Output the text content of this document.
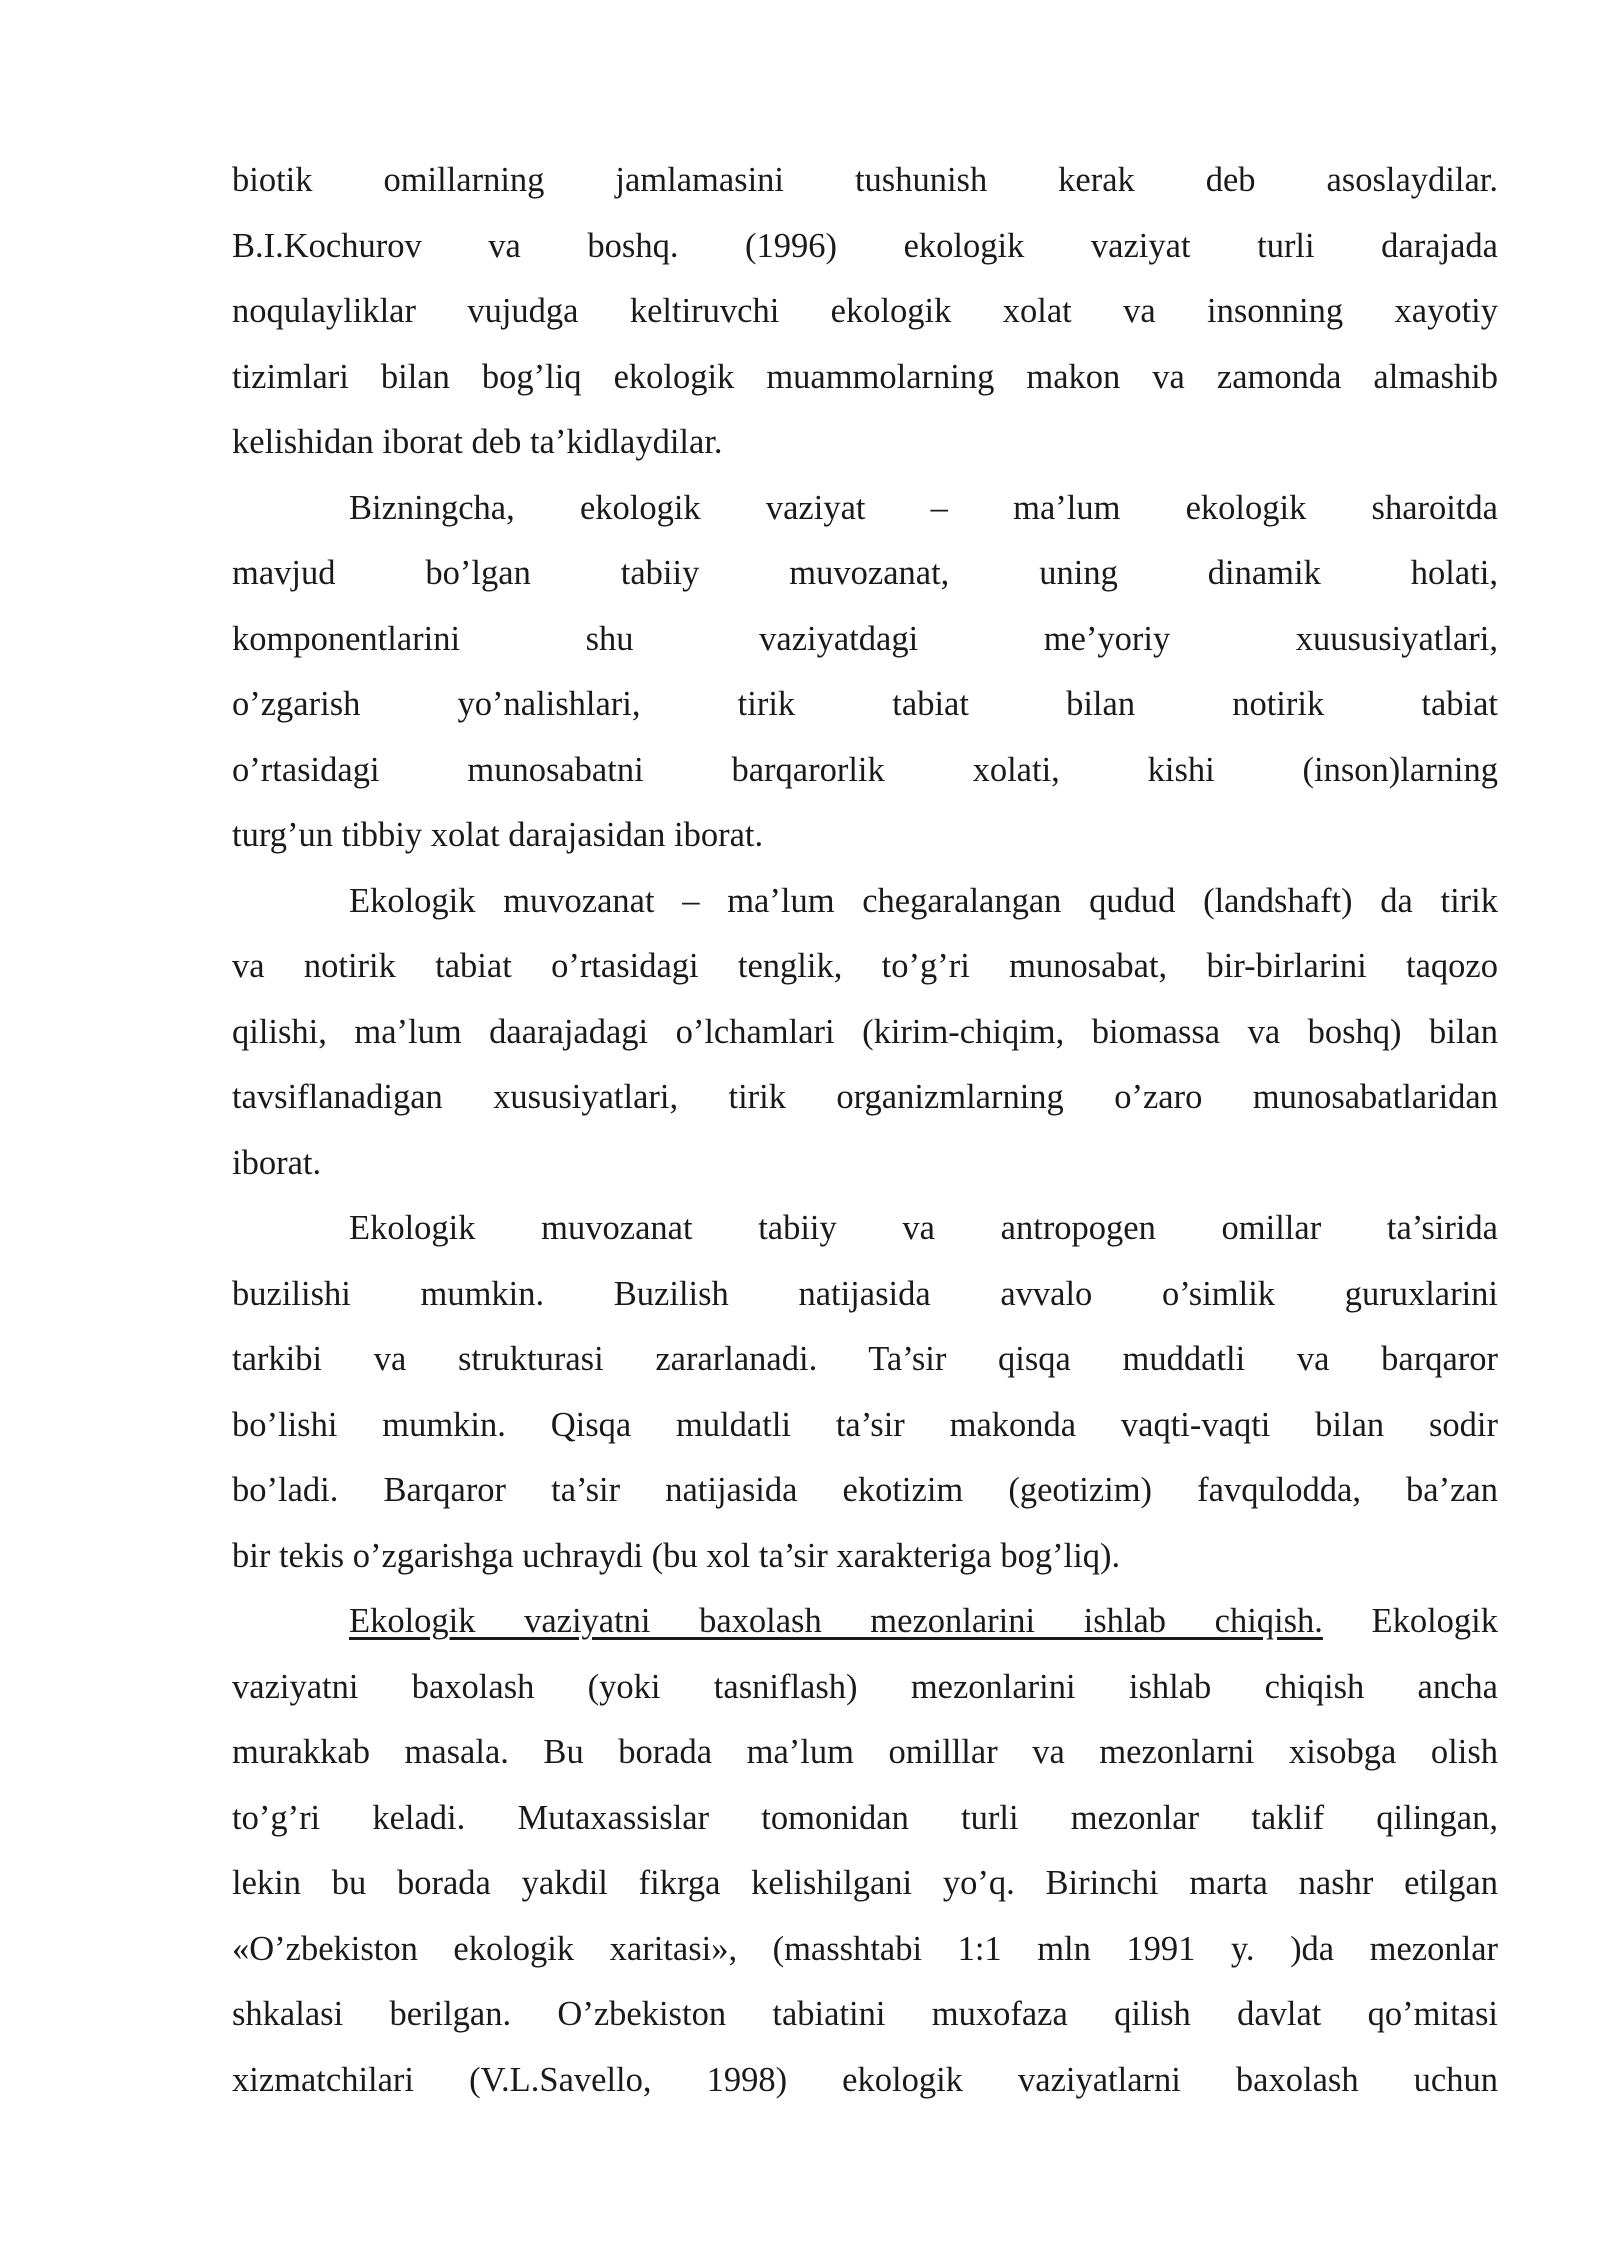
biotik omillarning jamlamasini tushunish kerak deb asoslaydilar.
B.I.Kochurov va boshq. (1996) ekologik vaziyat turli darajada
noqulayliklar vujudga keltiruvchi ekologik xolat va insonning xayotiy
tizimlari bilan bog’liq ekologik muammolarning makon va zamonda almashib
kelishidan iborat deb ta’kidlaydilar.
Bizningcha, ekologik vaziyat – ma’lum ekologik sharoitda
mavjud bo’lgan tabiiy muvozanat, uning dinamik holati,
komponentlarini shu vaziyatdagi me’yoriy xuususiyatlari,
o’zgarish yo’nalishlari, tirik tabiat bilan notirik tabiat
o’rtasidagi munosabatni barqarorlik xolati, kishi (inson)larning
turg’un tibbiy xolat darajasidan iborat.
Ekologik muvozanat – ma’lum chegaralangan qudud (landshaft) da tirik
va notirik tabiat o’rtasidagi tenglik, to’g’ri munosabat, bir-birlarini taqozo
qilishi, ma’lum daarajadagi o’lchamlari (kirim-chiqim, biomassa va boshq) bilan
tavsiflanadigan xususiyatlari, tirik organizmlarning o’zaro munosabatlaridan
iborat.
Ekologik muvozanat tabiiy va antropogen omillar ta’sirida
buzilishi mumkin. Buzilish natijasida avvalo o’simlik guruxlarini
tarkibi va strukturasi zararlanadi. Ta’sir qisqa muddatli va barqaror
bo’lishi mumkin. Qisqa muldatli ta’sir makonda vaqti-vaqti bilan sodir
bo’ladi. Barqaror ta’sir natijasida ekotizim (geotizim) favqulodda, ba’zan
bir tekis o’zgarishga uchraydi (bu xol ta’sir xarakteriga bog’liq).
Ekologik vaziyatni baxolash mezonlarini ishlab chiqish. Ekologik
vaziyatni baxolash (yoki tasniflash) mezonlarini ishlab chiqish ancha
murakkab masala. Bu borada ma’lum omilllar va mezonlarni xisobga olish
to’g’ri keladi. Mutaxassislar tomonidan turli mezonlar taklif qilingan,
lekin bu borada yakdil fikrga kelishilgani yo’q. Birinchi marta nashr etilgan
«O’zbekiston ekologik xaritasi», (masshtabi 1:1 mln 1991 y. )da mezonlar
shkalasi berilgan. O’zbekiston tabiatini muxofaza qilish davlat qo’mitasi
xizmatchilari (V.L.Savello, 1998) ekologik vaziyatlarni baxolash uchun
